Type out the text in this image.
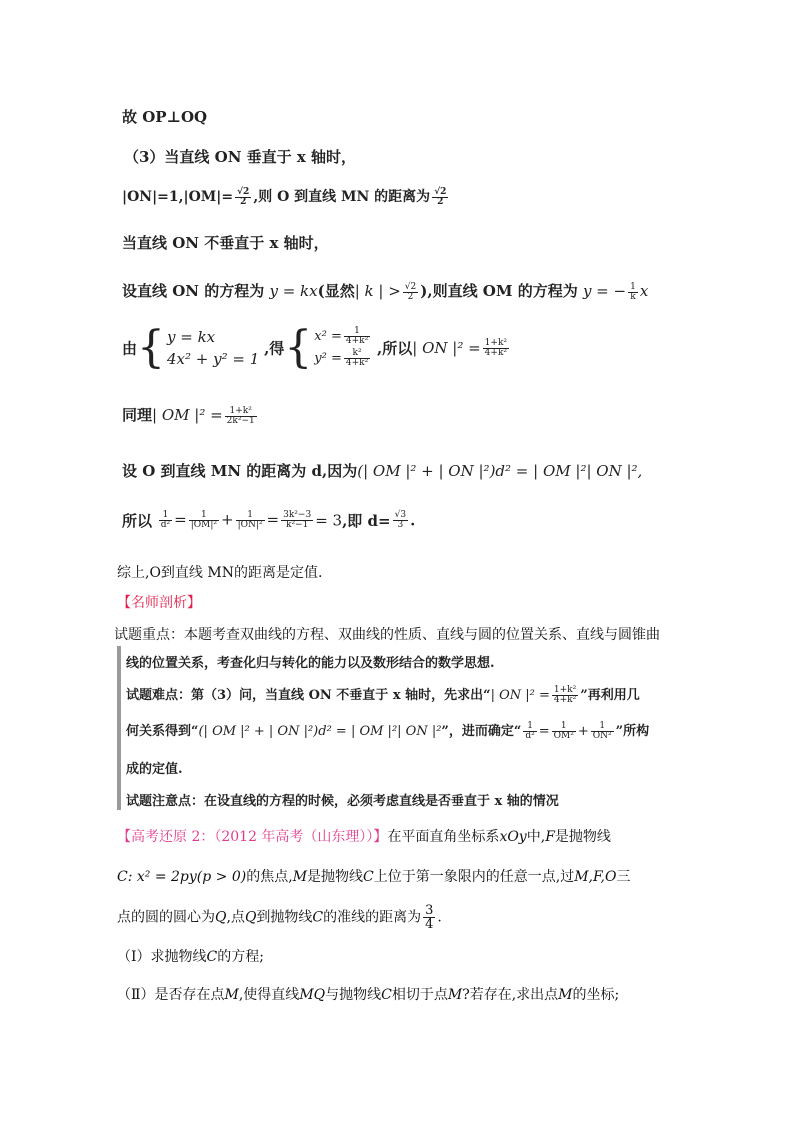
故 OP⊥OQ
（3）当直线 ON 垂直于 x 轴时，
$|ON|=1,|OM|= \frac{√2}{2}$ ,则 O 到直线 MN 的距离为 $\frac{√2}{2}$
当直线 ON 不垂直于 x 轴时，
设直线 ON 的方程为 y = kx(显然| k | > $\frac{√2}{2}$ ),则直线 OM 的方程为 y = − $\frac{1}{k}$ x
由{ y = kx
4x² + y² = 1
,得{ $x^2 = \frac{1}{\text{4+k²}}$
$y^2 = \frac{\text{k²}}{\text{4+k²}}$
,所以| ON $|^2 = \frac{\text{1+k²}}{\text{4+k²}}$
同理| OM $|^2 = \frac{\text{1+k²}}{\text{2k²−1}}$
设 O 到直线 MN 的距离为 d,因为(| OM |² + | ON |²)d² = | OM |²| ON |²,
所以 $\frac{1}{\text{d²}} = \frac{1}{\text{|OM|²}} + \frac{1}{\text{|ON|²}} = \frac{\text{3k²−3}}{\text{k²−1}} = 3$,即 $d= \frac{√3}{3}$ .
综上,O到直线 MN的距离是定值.
【名师剖析】
试题重点：本题考查双曲线的方程、双曲线的性质、直线与圆的位置关系、直线与圆锥曲
线的位置关系，考查化归与转化的能力以及数形结合的数学思想.
试题难点：第（3）问，当直线 ON 不垂直于 x 轴时，先求出“| ON $|^2 = \frac{\text{1+k²}}{\text{4+k²}}$ ”再利用几
何关系得到“(| OM |² + | ON |²)d² = | OM |²| ON |²”，进而确定“ $\frac{1}{\text{d²}} = \frac{1}{\text{OM²}} + \frac{1}{\text{ON²}}$ ”所构
成的定值.
试题注意点：在设直线的方程的时候，必须考虑直线是否垂直于 x 轴的情况
【高考还原 2：（2012 年高考（山东理））】在平面直角坐标系xOy中,F是抛物线
C: x² = 2py(p > 0)的焦点,M是抛物线C上位于第一象限内的任意一点,过M,F,O三
点的圆的圆心为Q,点Q到抛物线C的准线的距离为 $\frac{3}{4}$ .
（Ⅰ）求抛物线C的方程;
（Ⅱ）是否存在点M,使得直线MQ与抛物线C相切于点M?若存在,求出点M的坐标;
